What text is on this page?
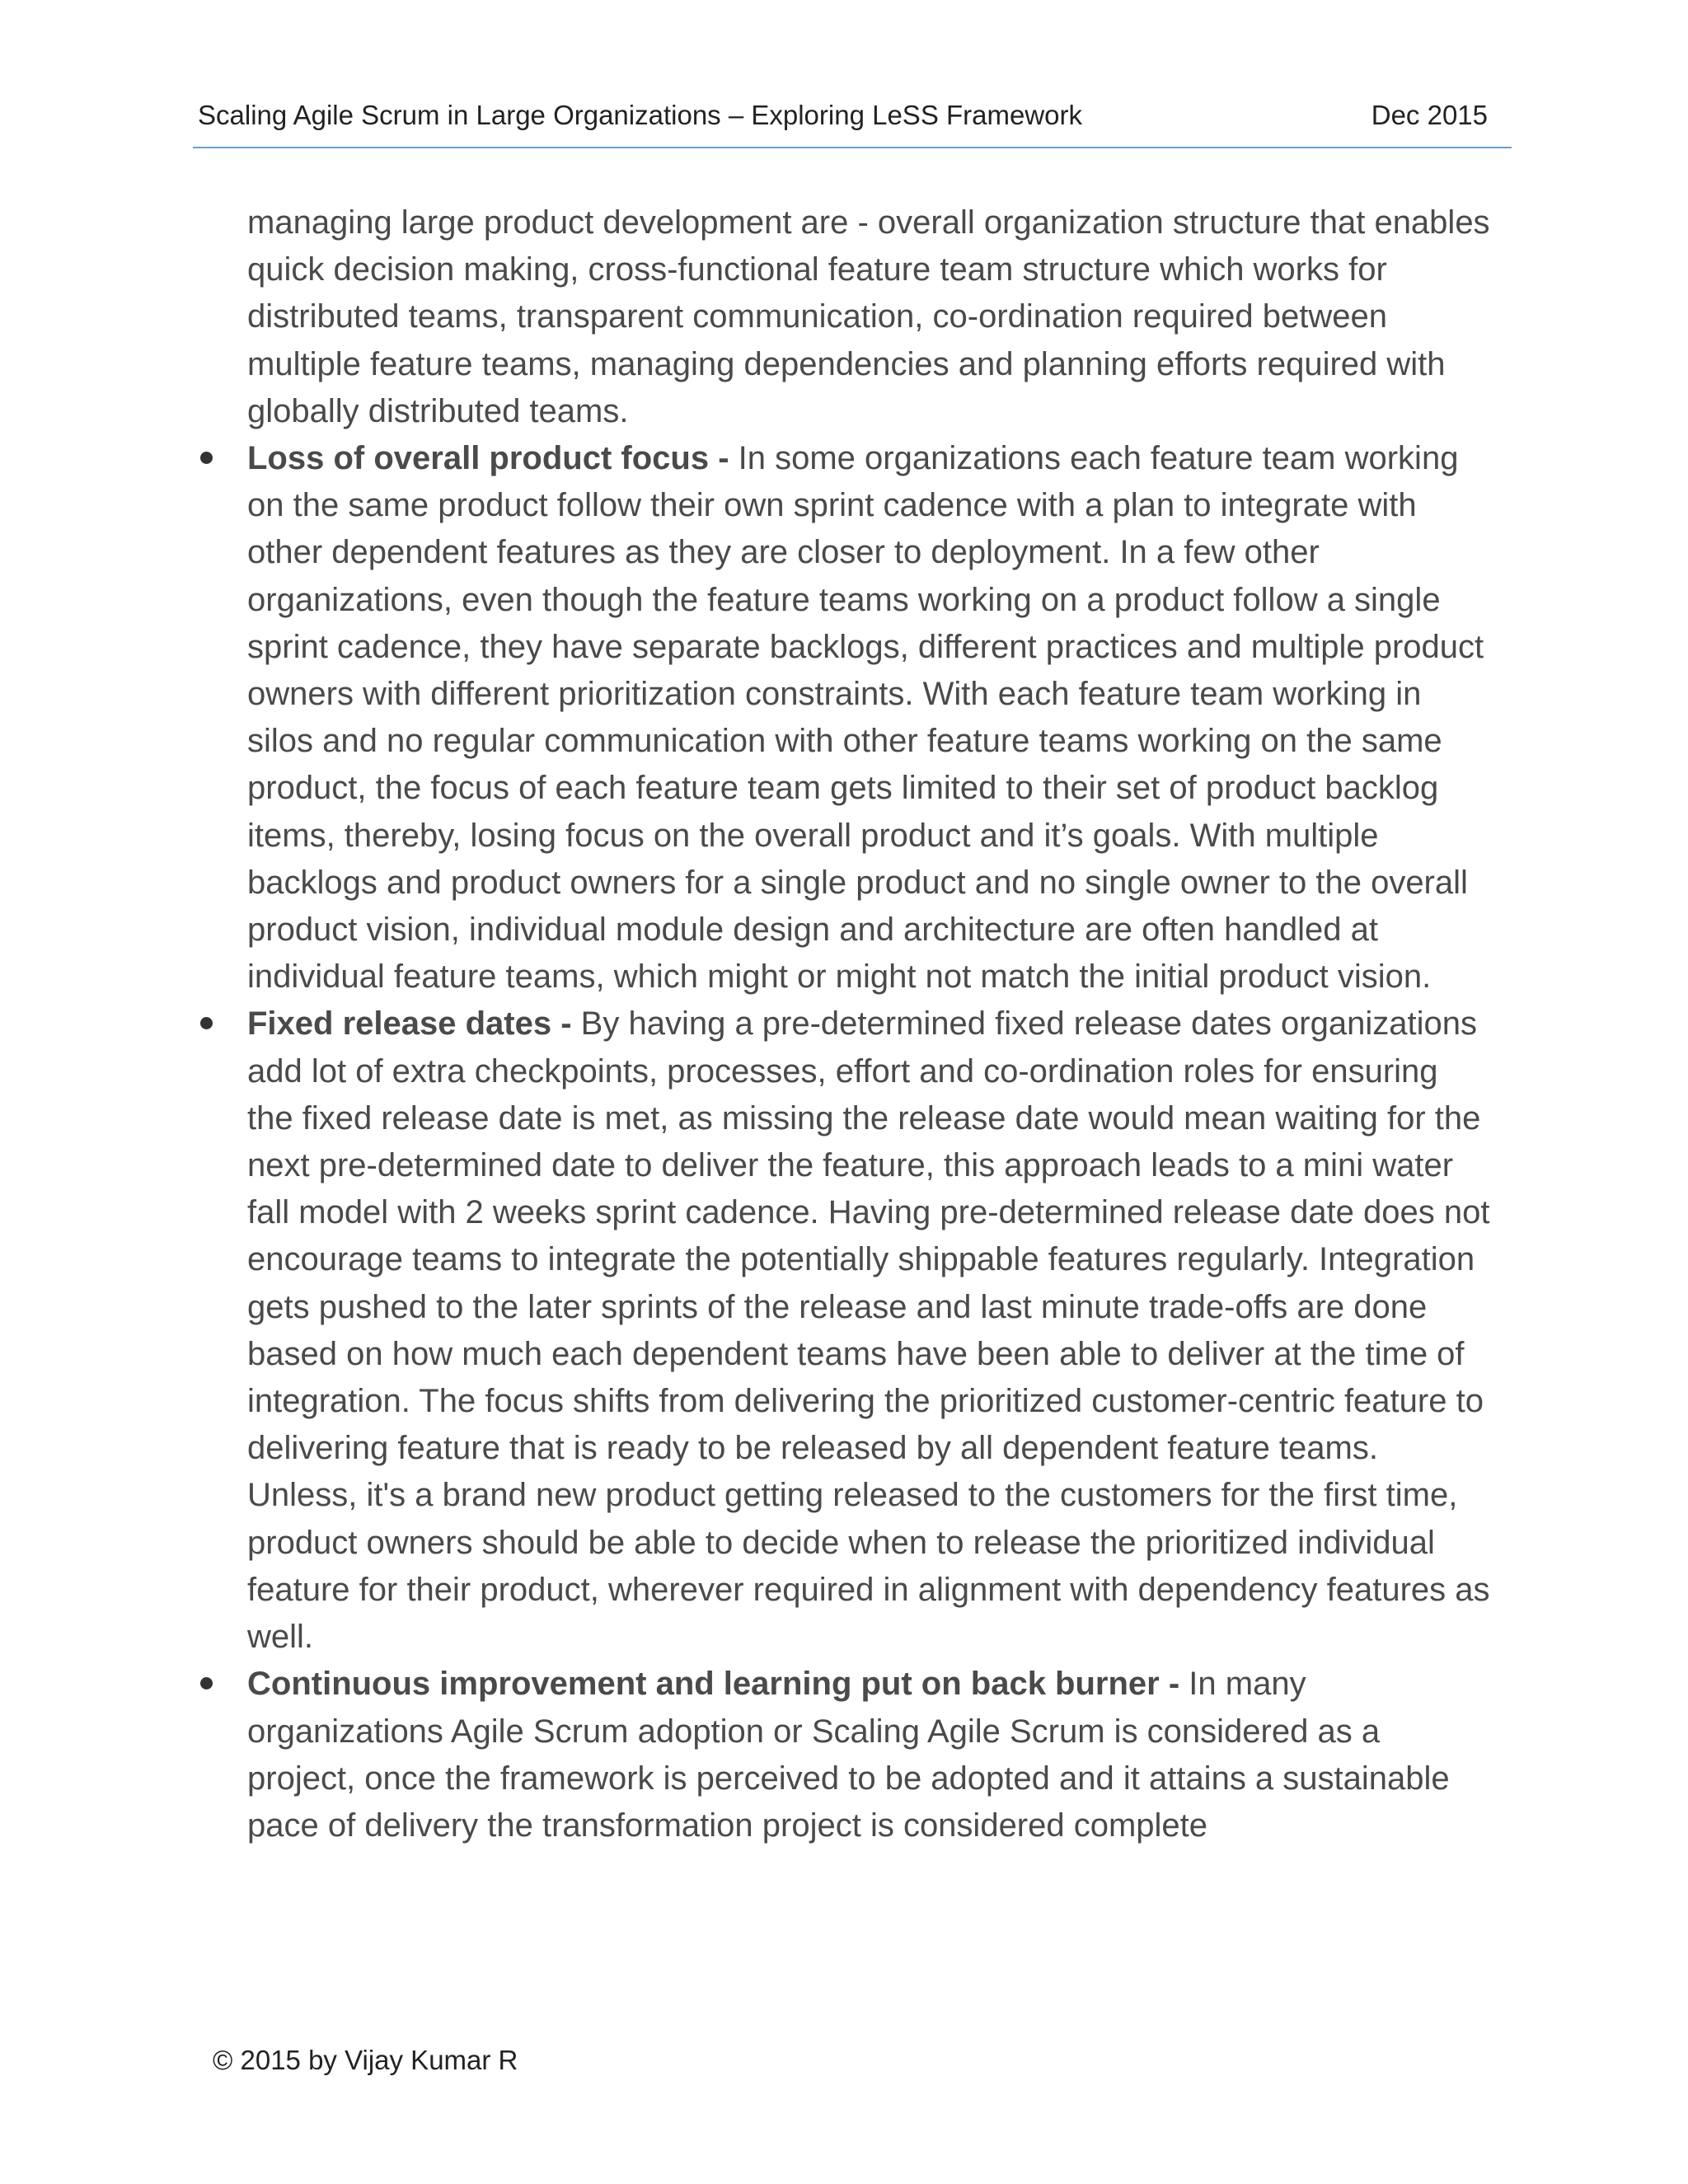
Scaling Agile Scrum in Large Organizations – Exploring LeSS Framework	Dec 2015

managing large product development are - overall organization structure that enables quick decision making, cross-functional feature team structure which works for distributed teams, transparent communication, co-ordination required between multiple feature teams, managing dependencies and planning efforts required with globally distributed teams.

Loss of overall product focus - In some organizations each feature team working on the same product follow their own sprint cadence with a plan to integrate with other dependent features as they are closer to deployment. In a few other organizations, even though the feature teams working on a product follow a single sprint cadence, they have separate backlogs, different practices and multiple product owners with different prioritization constraints. With each feature team working in silos and no regular communication with other feature teams working on the same product, the focus of each feature team gets limited to their set of product backlog items, thereby, losing focus on the overall product and it’s goals. With multiple backlogs and product owners for a single product and no single owner to the overall product vision, individual module design and architecture are often handled at individual feature teams, which might or might not match the initial product vision.
Fixed release dates - By having a pre-determined fixed release dates organizations add lot of extra checkpoints, processes, effort and co-ordination roles for ensuring the fixed release date is met, as missing the release date would mean waiting for the next pre-determined date to deliver the feature, this approach leads to a mini water fall model with 2 weeks sprint cadence. Having pre-determined release date does not encourage teams to integrate the potentially shippable features regularly. Integration gets pushed to the later sprints of the release and last minute trade-offs are done based on how much each dependent teams have been able to deliver at the time of integration. The focus shifts from delivering the prioritized customer-centric feature to delivering feature that is ready to be released by all dependent feature teams. Unless, it's a brand new product getting released to the customers for the first time, product owners should be able to decide when to release the prioritized individual feature for their product, wherever required in alignment with dependency features as well.
Continuous improvement and learning put on back burner - In many organizations Agile Scrum adoption or Scaling Agile Scrum is considered as a project, once the framework is perceived to be adopted and it attains a sustainable pace of delivery the transformation project is considered complete
© 2015 by Vijay Kumar R
